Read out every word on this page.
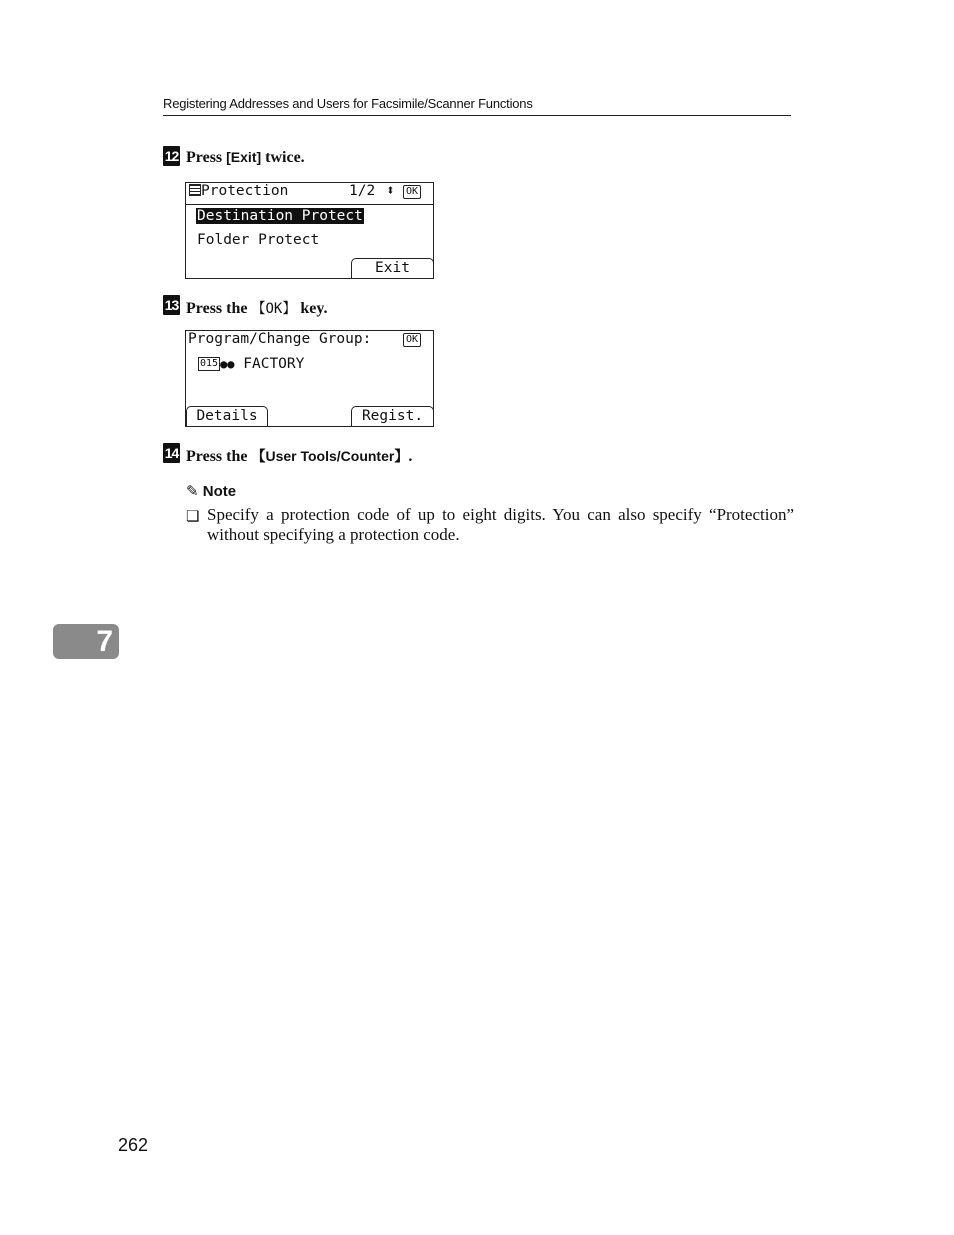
Registering Addresses and Users for Facsimile/Scanner Functions
12 Press [Exit] twice.
Protection	1/2 ⬍	OK
Destination Protect
Folder Protect
Exit
13 Press the 【OK】 key.
Program/Change Group:	OK
015 ●● FACTORY
Details	Regist.
14 Press the 【User Tools/Counter】.
✎ Note
❏ Specify a protection code of up to eight digits. You can also specify “Protection” without specifying a protection code.
7
262
